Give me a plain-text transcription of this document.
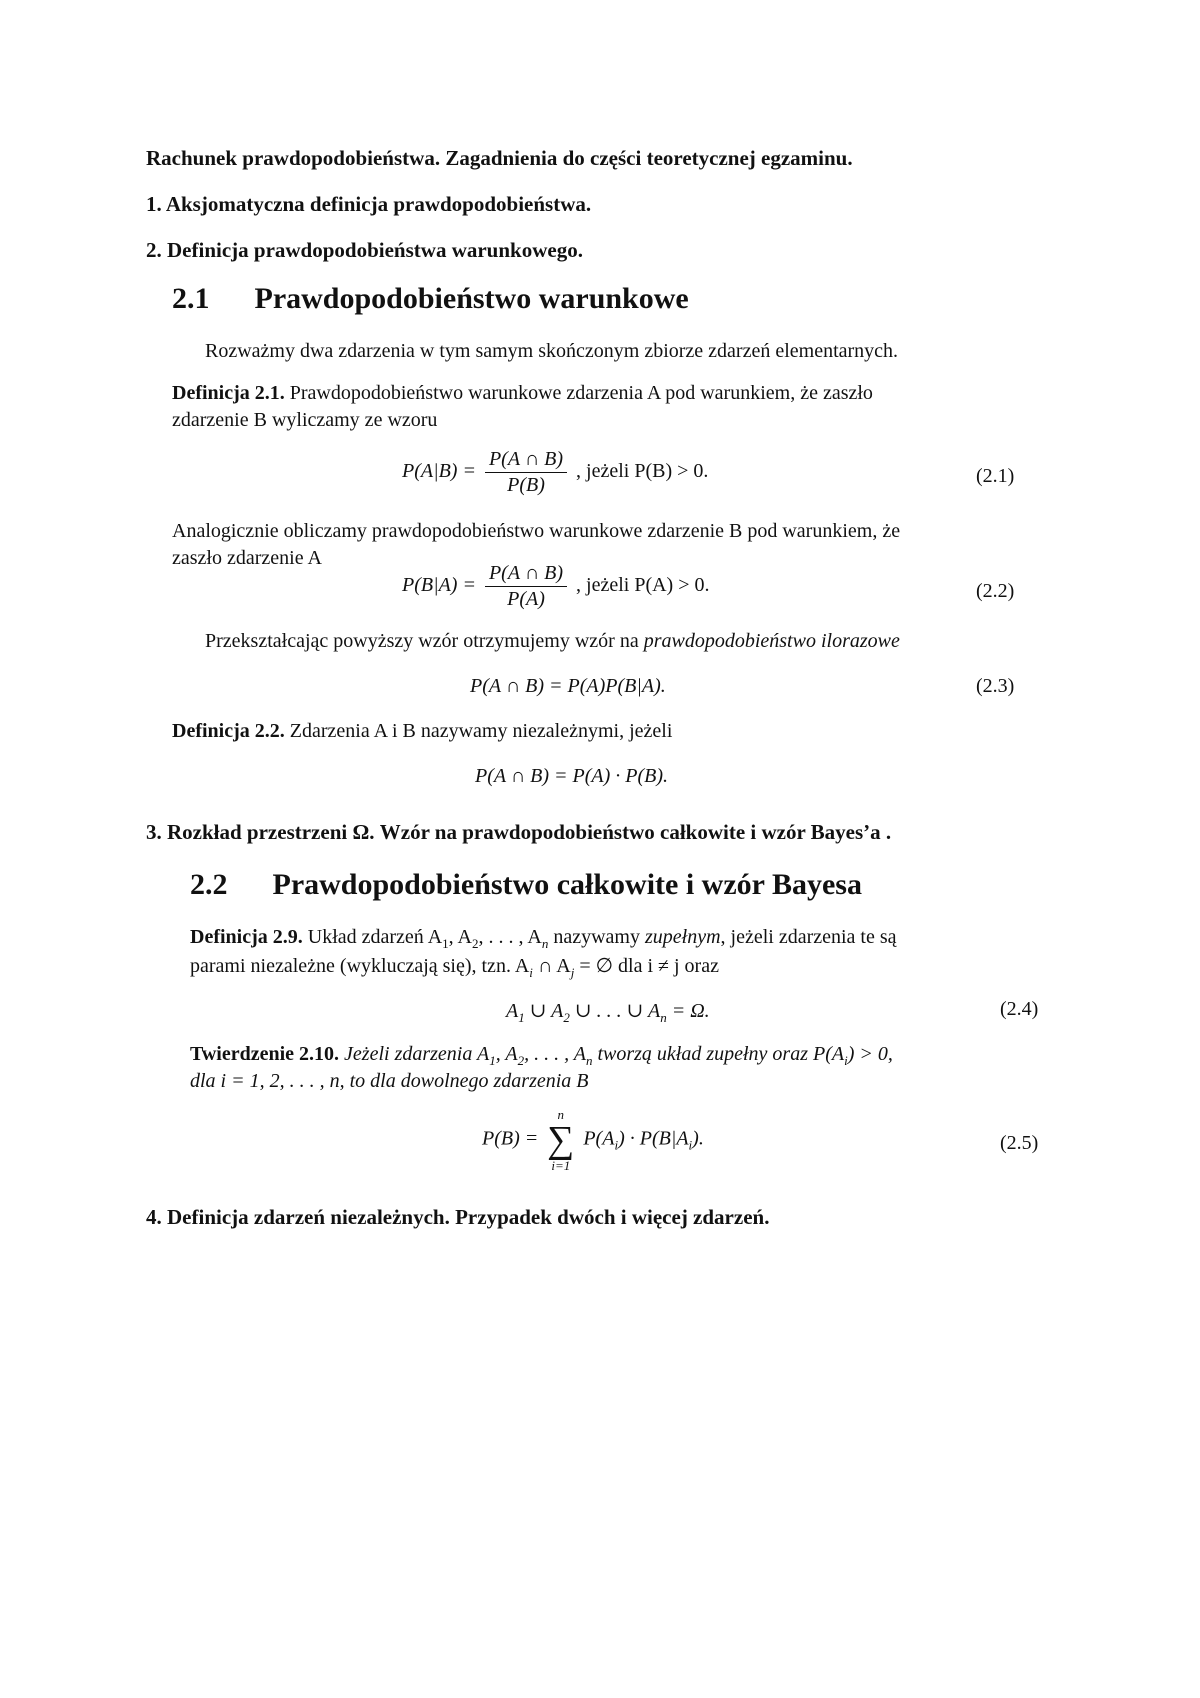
Rachunek prawdopodobieństwa. Zagadnienia do części teoretycznej egzaminu.
1. Aksjomatyczna definicja prawdopodobieństwa.
2. Definicja prawdopodobieństwa warunkowego.
2.1 Prawdopodobieństwo warunkowe
Rozważmy dwa zdarzenia w tym samym skończonym zbiorze zdarzeń elementarnych.
Definicja 2.1. Prawdopodobieństwo warunkowe zdarzenia A pod warunkiem, że zaszło
zdarzenie B wyliczamy ze wzoru
$P(A|B) = \frac{P(A \cap B)}{P(B)}$ , jeżeli P(B) > 0.	(2.1)
Analogicznie obliczamy prawdopodobieństwo warunkowe zdarzenie B pod warunkiem, że
zaszło zdarzenie A
$P(B|A) = \frac{P(A \cap B)}{P(A)}$ , jeżeli P(A) > 0.	(2.2)
Przekształcając powyższy wzór otrzymujemy wzór na prawdopodobieństwo ilorazowe
P(A ∩ B) = P(A)P(B|A).	(2.3)
Definicja 2.2. Zdarzenia A i B nazywamy niezależnymi, jeżeli
P(A ∩ B) = P(A) · P(B).
3. Rozkład przestrzeni Ω. Wzór na prawdopodobieństwo całkowite i wzór Bayes’a .
2.2 Prawdopodobieństwo całkowite i wzór Bayesa
Definicja 2.9. Układ zdarzeń $A_1$, $A_2$, . . . , $A_n$ nazywamy zupełnym, jeżeli zdarzenia te są
parami niezależne (wykluczają się), tzn. $A_i$ ∩ $A_j$ = ∅ dla i ≠ j oraz
$A_1$ ∪ $A_2$ ∪ . . . ∪ $A_n = \Omega$.	(2.4)
Twierdzenie 2.10. Jeżeli zdarzenia $A_1$, $A_2$, . . . , $A_n$ tworzą układ zupełny oraz $P(A_i) > 0$,
dla i = 1, 2, . . . , n, to dla dowolnego zdarzenia B
P(B) =
n
∑
i=1
$P(A_i) \cdot P(B|A_i)$.	(2.5)
4. Definicja zdarzeń niezależnych. Przypadek dwóch i więcej zdarzeń.
